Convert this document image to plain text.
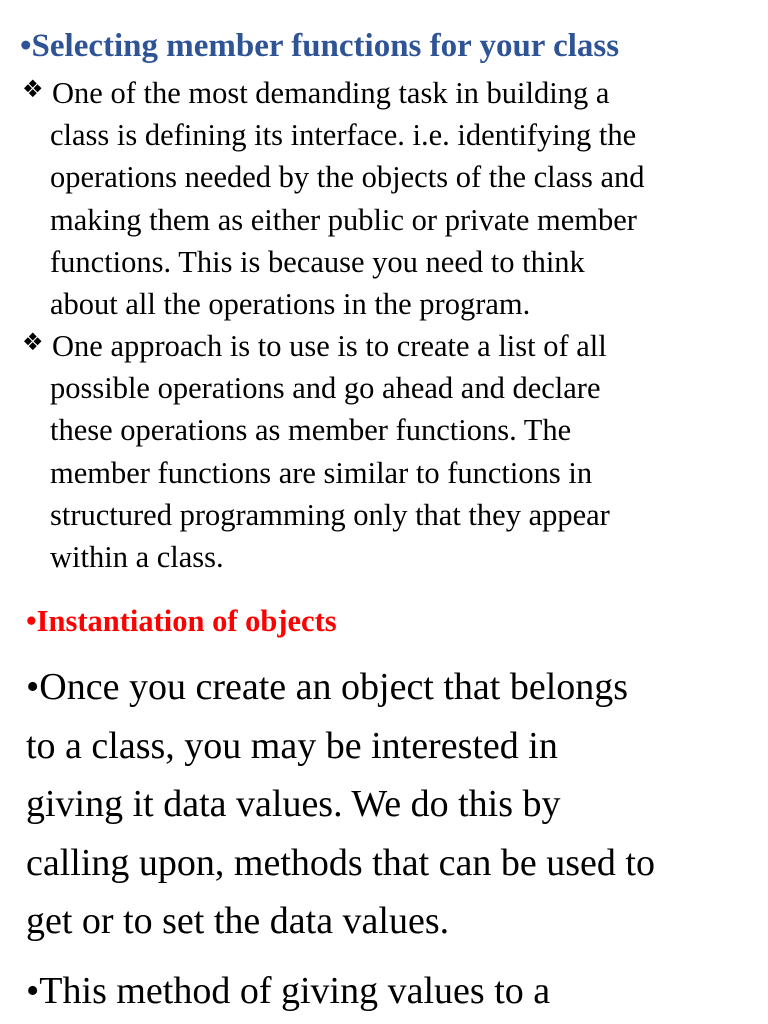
•Selecting member functions for your class
❖ One of the most demanding task in building a
class is defining its interface. i.e. identifying the
operations needed by the objects of the class and
making them as either public or private member
functions. This is because you need to think
about all the operations in the program.
❖ One approach is to use is to create a list of all
possible operations and go ahead and declare
these operations as member functions. The
member functions are similar to functions in
structured programming only that they appear
within a class.
•Instantiation of objects
•Once you create an object that belongs
to a class, you may be interested in
giving it data values. We do this by
calling upon, methods that can be used to
get or to set the data values.
•This method of giving values to a
